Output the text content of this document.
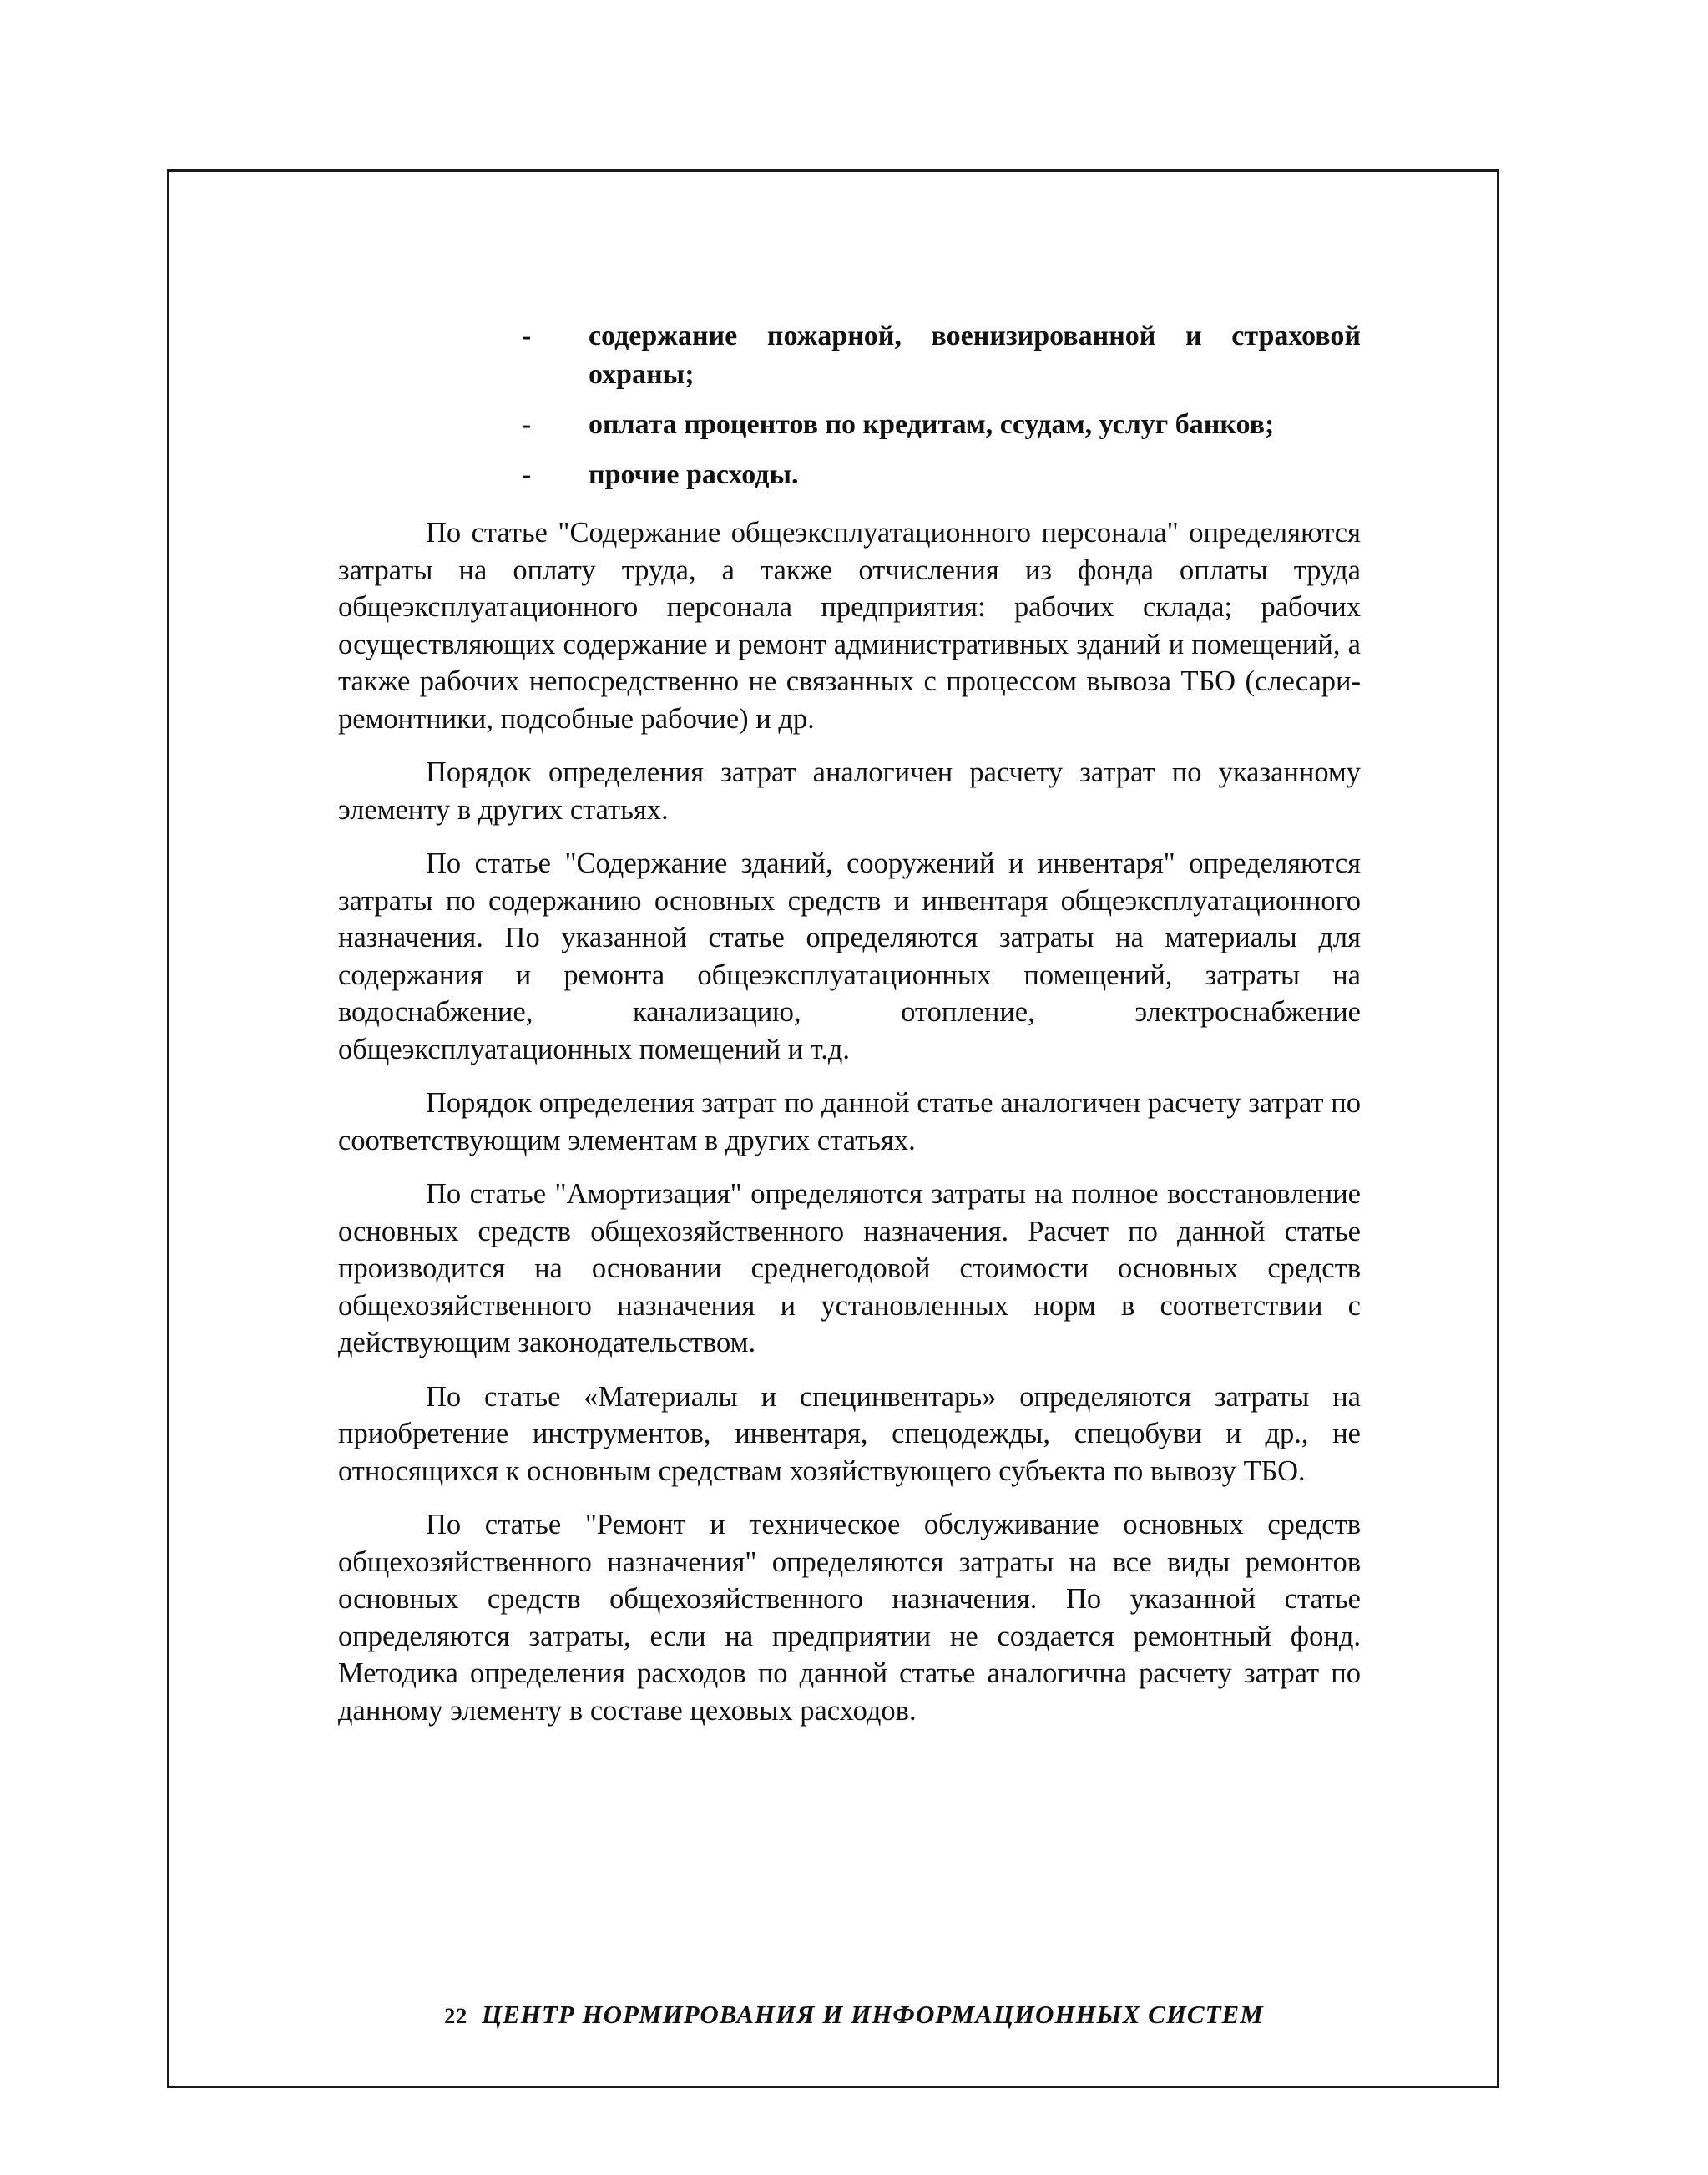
- содержание пожарной, военизированной и страховой охраны;
- оплата процентов по кредитам, ссудам, услуг банков;
- прочие расходы.

По статье "Содержание общеэксплуатационного персонала" определяются затраты на оплату труда, а также отчисления из фонда оплаты труда общеэксплуатационного персонала предприятия: рабочих склада; рабочих осуществляющих содержание и ремонт административных зданий и помещений, а также рабочих непосредственно не связанных с процессом вывоза ТБО (слесари-ремонтники, подсобные рабочие) и др.

Порядок определения затрат аналогичен расчету затрат по указанному элементу в других статьях.

По статье "Содержание зданий, сооружений и инвентаря" определяются затраты по содержанию основных средств и инвентаря общеэксплуатационного назначения. По указанной статье определяются затраты на материалы для содержания и ремонта общеэксплуатационных помещений, затраты на водоснабжение, канализацию, отопление, электроснабжение общеэксплуатационных помещений и т.д.

Порядок определения затрат по данной статье аналогичен расчету затрат по соответствующим элементам в других статьях.

По статье "Амортизация" определяются затраты на полное восстановление основных средств общехозяйственного назначения. Расчет по данной статье производится на основании среднегодовой стоимости основных средств общехозяйственного назначения и установленных норм в соответствии с действующим законодательством.

По статье «Материалы и специнвентарь» определяются затраты на приобретение инструментов, инвентаря, спецодежды, спецобуви и др., не относящихся к основным средствам хозяйствующего субъекта по вывозу ТБО.

По статье "Ремонт и техническое обслуживание основных средств общехозяйственного назначения" определяются затраты на все виды ремонтов основных средств общехозяйственного назначения. По указанной статье определяются затраты, если на предприятии не создается ремонтный фонд. Методика определения расходов по данной статье аналогична расчету затрат по данному элементу в составе цеховых расходов.

22 ЦЕНТР НОРМИРОВАНИЯ И ИНФОРМАЦИОННЫХ СИСТЕМ
